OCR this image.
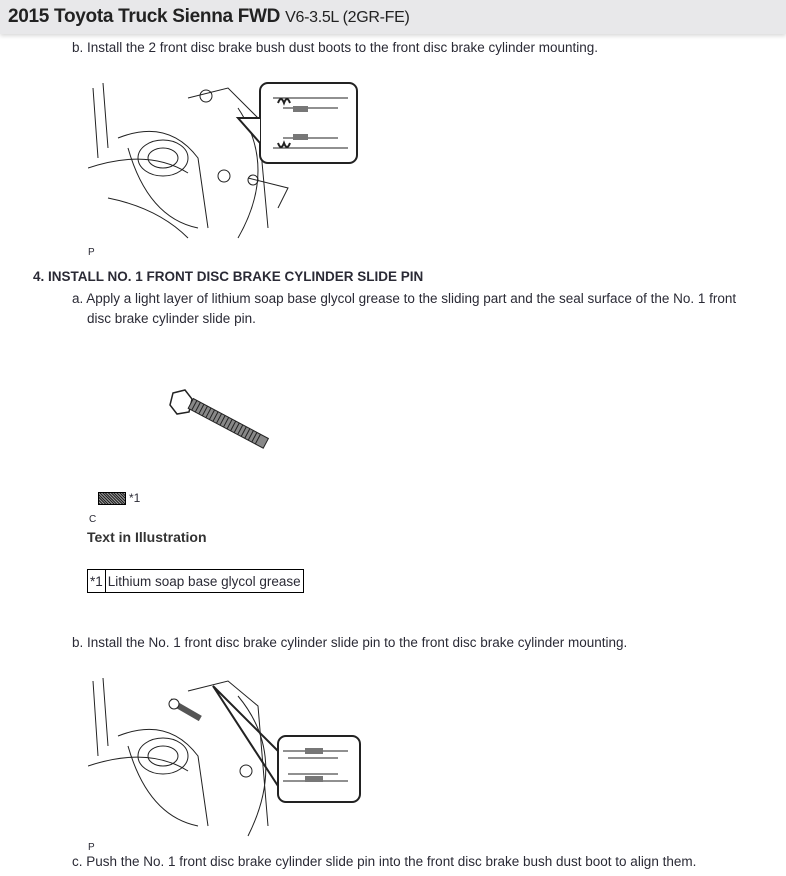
2015 Toyota Truck Sienna FWD V6-3.5L (2GR-FE)
b. Install the 2 front disc brake bush dust boots to the front disc brake cylinder mounting.
P
4. INSTALL NO. 1 FRONT DISC BRAKE CYLINDER SLIDE PIN
a. Apply a light layer of lithium soap base glycol grease to the sliding part and the seal surface of the No. 1 front
disc brake cylinder slide pin.
*1
C
Text in Illustration
*1	Lithium soap base glycol grease
b. Install the No. 1 front disc brake cylinder slide pin to the front disc brake cylinder mounting.
P
c. Push the No. 1 front disc brake cylinder slide pin into the front disc brake bush dust boot to align them.
